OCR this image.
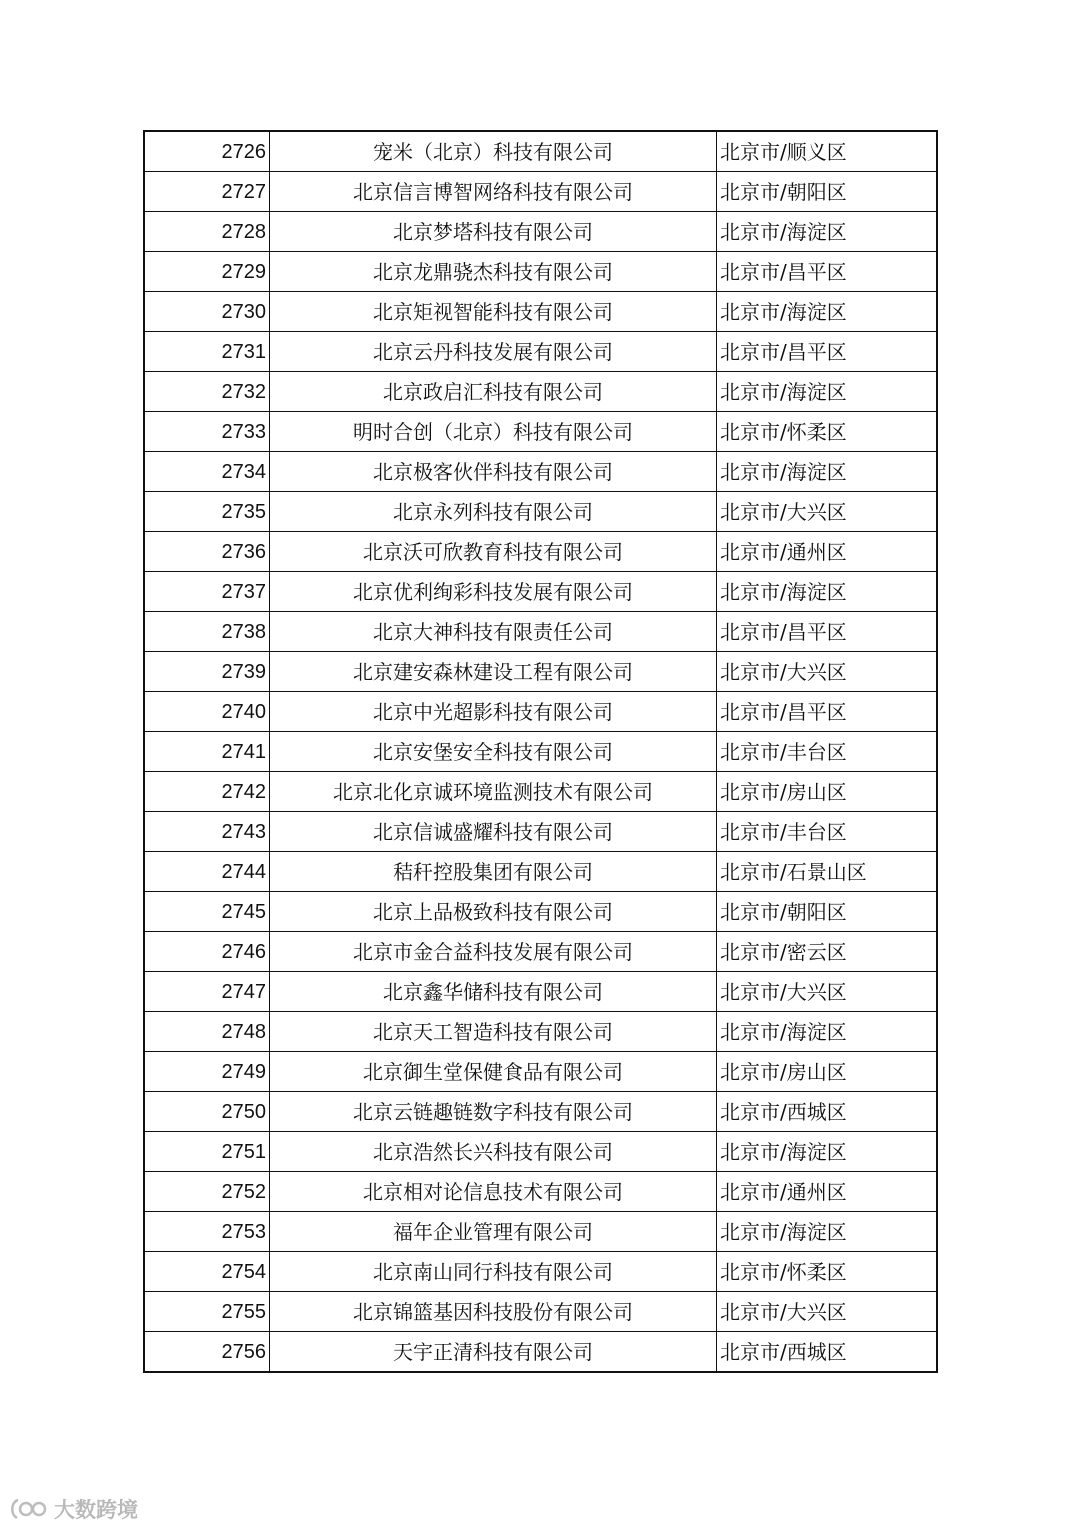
2726	宠米（北京）科技有限公司	北京市/顺义区
2727	北京信言博智网络科技有限公司	北京市/朝阳区
2728	北京梦塔科技有限公司	北京市/海淀区
2729	北京龙鼎骁杰科技有限公司	北京市/昌平区
2730	北京矩视智能科技有限公司	北京市/海淀区
2731	北京云丹科技发展有限公司	北京市/昌平区
2732	北京政启汇科技有限公司	北京市/海淀区
2733	明时合创（北京）科技有限公司	北京市/怀柔区
2734	北京极客伙伴科技有限公司	北京市/海淀区
2735	北京永列科技有限公司	北京市/大兴区
2736	北京沃可欣教育科技有限公司	北京市/通州区
2737	北京优利绚彩科技发展有限公司	北京市/海淀区
2738	北京大神科技有限责任公司	北京市/昌平区
2739	北京建安森林建设工程有限公司	北京市/大兴区
2740	北京中光超影科技有限公司	北京市/昌平区
2741	北京安堡安全科技有限公司	北京市/丰台区
2742	北京北化京诚环境监测技术有限公司	北京市/房山区
2743	北京信诚盛耀科技有限公司	北京市/丰台区
2744	秸秆控股集团有限公司	北京市/石景山区
2745	北京上品极致科技有限公司	北京市/朝阳区
2746	北京市金合益科技发展有限公司	北京市/密云区
2747	北京鑫华储科技有限公司	北京市/大兴区
2748	北京天工智造科技有限公司	北京市/海淀区
2749	北京御生堂保健食品有限公司	北京市/房山区
2750	北京云链趣链数字科技有限公司	北京市/西城区
2751	北京浩然长兴科技有限公司	北京市/海淀区
2752	北京相对论信息技术有限公司	北京市/通州区
2753	福年企业管理有限公司	北京市/海淀区
2754	北京南山同行科技有限公司	北京市/怀柔区
2755	北京锦篮基因科技股份有限公司	北京市/大兴区
2756	天宇正清科技有限公司	北京市/西城区
大数跨境
